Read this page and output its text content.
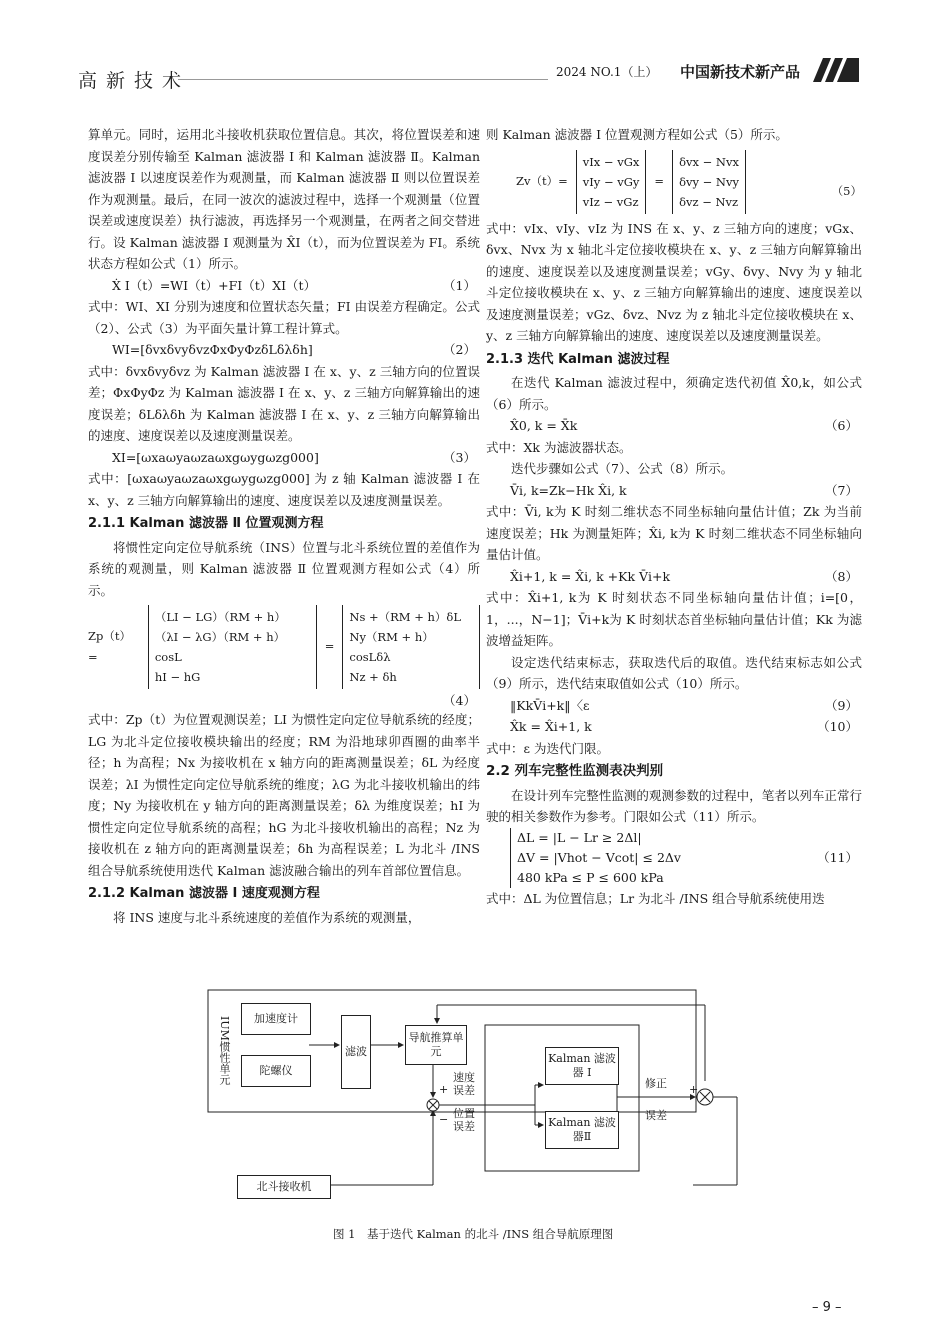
高新技术	2024 NO.1（上） 中国新技术新产品

算单元。同时，运用北斗接收机获取位置信息。其次，将位置误差和速度误差分别传输至 Kalman 滤波器 Ⅰ 和 Kalman 滤波器 Ⅱ。Kalman 滤波器 Ⅰ 以速度误差作为观测量，而 Kalman 滤波器 Ⅱ 则以位置误差作为观测量。最后，在同一波次的滤波过程中，选择一个观测量（位置误差或速度误差）执行滤波，再选择另一个观测量，在两者之间交替进行。设 Kalman 滤波器 Ⅰ 观测量为 X̂I（t），而为位置误差为 FI。系统状态方程如公式（1）所示。

Ẋ I（t）=WI（t）+FI（t）XI（t）	（1）

式中：WI、XI 分别为速度和位置状态矢量；FI 由误差方程确定。公式（2）、公式（3）为平面矢量计算工程计算式。

WI=[δvxδvyδvzΦxΦyΦzδLδλδh]	（2）

式中：δvxδvyδvz 为 Kalman 滤波器 Ⅰ 在 x、y、z 三轴方向的位置误差；ΦxΦyΦz 为 Kalman 滤波器 Ⅰ 在 x、y、z 三轴方向解算输出的速度误差；δLδλδh 为 Kalman 滤波器 Ⅰ 在 x、y、z 三轴方向解算输出的速度、速度误差以及速度测量误差。

XI=[ωxaωyaωzaωxgωygωzg000]	（3）

式中：[ωxaωyaωzaωxgωygωzg000] 为 z 轴 Kalman 滤波器 Ⅰ 在 x、y、z 三轴方向解算输出的速度、速度误差以及速度测量误差。

2.1.1 Kalman 滤波器 Ⅱ 位置观测方程

将惯性定向定位导航系统（INS）位置与北斗系统位置的差值作为系统的观测量，则 Kalman 滤波器 Ⅱ 位置观测方程如公式（4）所示。

Zp（t）=
（LI − LG）（RM + h）
（λI − λG）（RM + h）cosL
hI − hG
=
Ns +（RM + h）δL
Ny（RM + h）cosLδλ
Nz + δh
（4）

式中：Zp（t）为位置观测误差；LI 为惯性定向定位导航系统的经度；LG 为北斗定位接收模块输出的经度；RM 为沿地球卯酉圈的曲率半径；h 为高程；Nx 为接收机在 x 轴方向的距离测量误差；δL 为经度误差；λI 为惯性定向定位导航系统的维度；λG 为北斗接收机输出的纬度；Ny 为接收机在 y 轴方向的距离测量误差；δλ 为维度误差；hI 为惯性定向定位导航系统的高程；hG 为北斗接收机输出的高程；Nz 为接收机在 z 轴方向的距离测量误差；δh 为高程误差；L 为北斗 /INS 组合导航系统使用迭代 Kalman 滤波融合输出的列车首部位置信息。

2.1.2 Kalman 滤波器 Ⅰ 速度观测方程

将 INS 速度与北斗系统速度的差值作为系统的观测量，

则 Kalman 滤波器 Ⅰ 位置观测方程如公式（5）所示。

Zv（t）=
vIx − vGx
vIy − vGy
vIz − vGz
=
δvx − Nvx
δvy − Nvy
δvz − Nvz
（5）

式中：vIx、vIy、vIz 为 INS 在 x、y、z 三轴方向的速度；vGx、δvx、Nvx 为 x 轴北斗定位接收模块在 x、y、z 三轴方向解算输出的速度、速度误差以及速度测量误差；vGy、δvy、Nvy 为 y 轴北斗定位接收模块在 x、y、z 三轴方向解算输出的速度、速度误差以及速度测量误差；vGz、δvz、Nvz 为 z 轴北斗定位接收模块在 x、y、z 三轴方向解算输出的速度、速度误差以及速度测量误差。

2.1.3 迭代 Kalman 滤波过程

在迭代 Kalman 滤波过程中，须确定迭代初值 X̂0,k，如公式（6）所示。

X̂0, k = X̄k	（6）

式中：Xk 为滤波器状态。

迭代步骤如公式（7）、公式（8）所示。

V̄i, k=Zk−Hk X̂i, k	（7）

式中：V̄i, k为 K 时刻二维状态不同坐标轴向量估计值；Zk 为当前速度误差；Hk 为测量矩阵；X̂i, k为 K 时刻二维状态不同坐标轴向量估计值。

X̂i+1, k = X̂i, k +Kk V̄i+k	（8）

式中：X̂i+1, k为 K 时刻状态不同坐标轴向量估计值；i=[0，1，...，N−1]；V̄i+k为 K 时刻状态首坐标轴向量估计值；Kk 为滤波增益矩阵。

设定迭代结束标志，获取迭代后的取值。迭代结束标志如公式（9）所示，迭代结束取值如公式（10）所示。

‖KkV̄i+k‖〈ε	（9）
X̂k = X̂i+1, k	（10）

式中：ε 为迭代门限。

2.2 列车完整性监测表决判别

在设计列车完整性监测的观测参数的过程中，笔者以列车正常行驶的相关参数作为参考。门限如公式（11）所示。

ΔL = |L − Lr ≥ 2Δl|
ΔV = |Vhot − Vcot| ≤ 2Δv
480 kPa ≤ P ≤ 600 kPa
（11）

式中：ΔL 为位置信息；Lr 为北斗 /INS 组合导航系统使用迭

IUM惯性单元	加速度计
陀螺仪
滤波
导航推算单元
Kalman 滤波器 Ⅰ
Kalman 滤波器Ⅱ
北斗接收机
速度误差
位置误差
+
−
修正
误差
+
图 1　基于迭代 Kalman 的北斗 /INS 组合导航原理图
– 9 –
